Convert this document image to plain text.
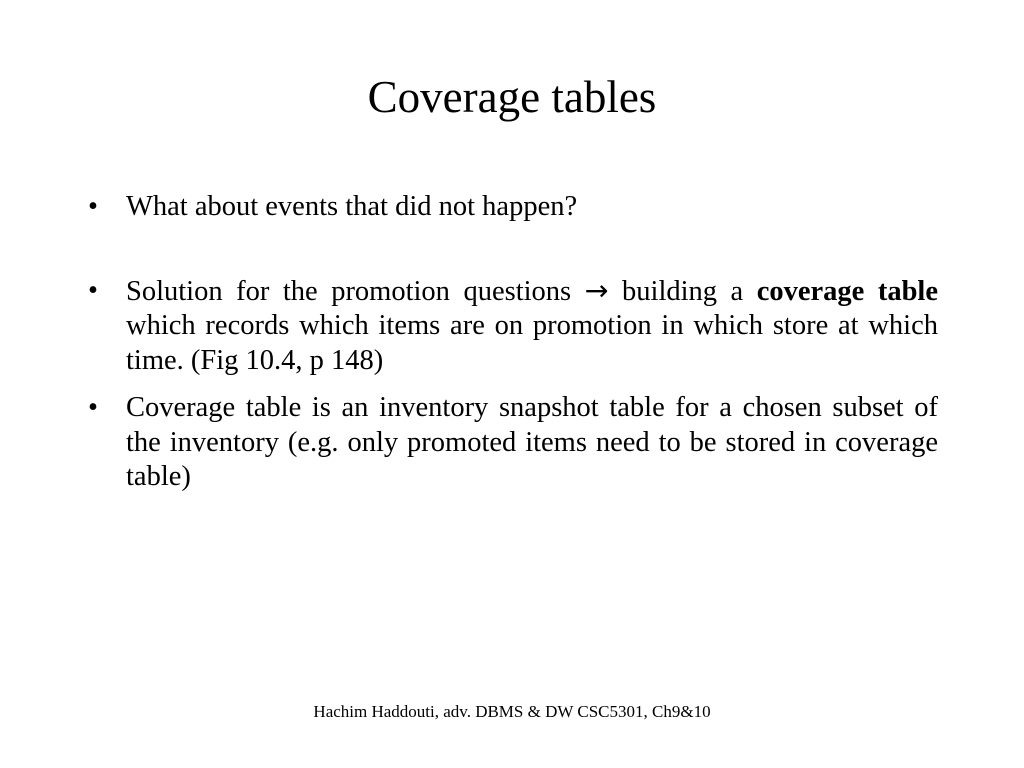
Coverage tables
• What about events that did not happen?
• Solution for the promotion questions → building a coverage table
which records which items are on promotion in which store at which
time. (Fig 10.4, p 148)
• Coverage table is an inventory snapshot table for a chosen subset of
the inventory (e.g. only promoted items need to be stored in coverage
table)
Hachim Haddouti, adv. DBMS & DW CSC5301, Ch9&10
